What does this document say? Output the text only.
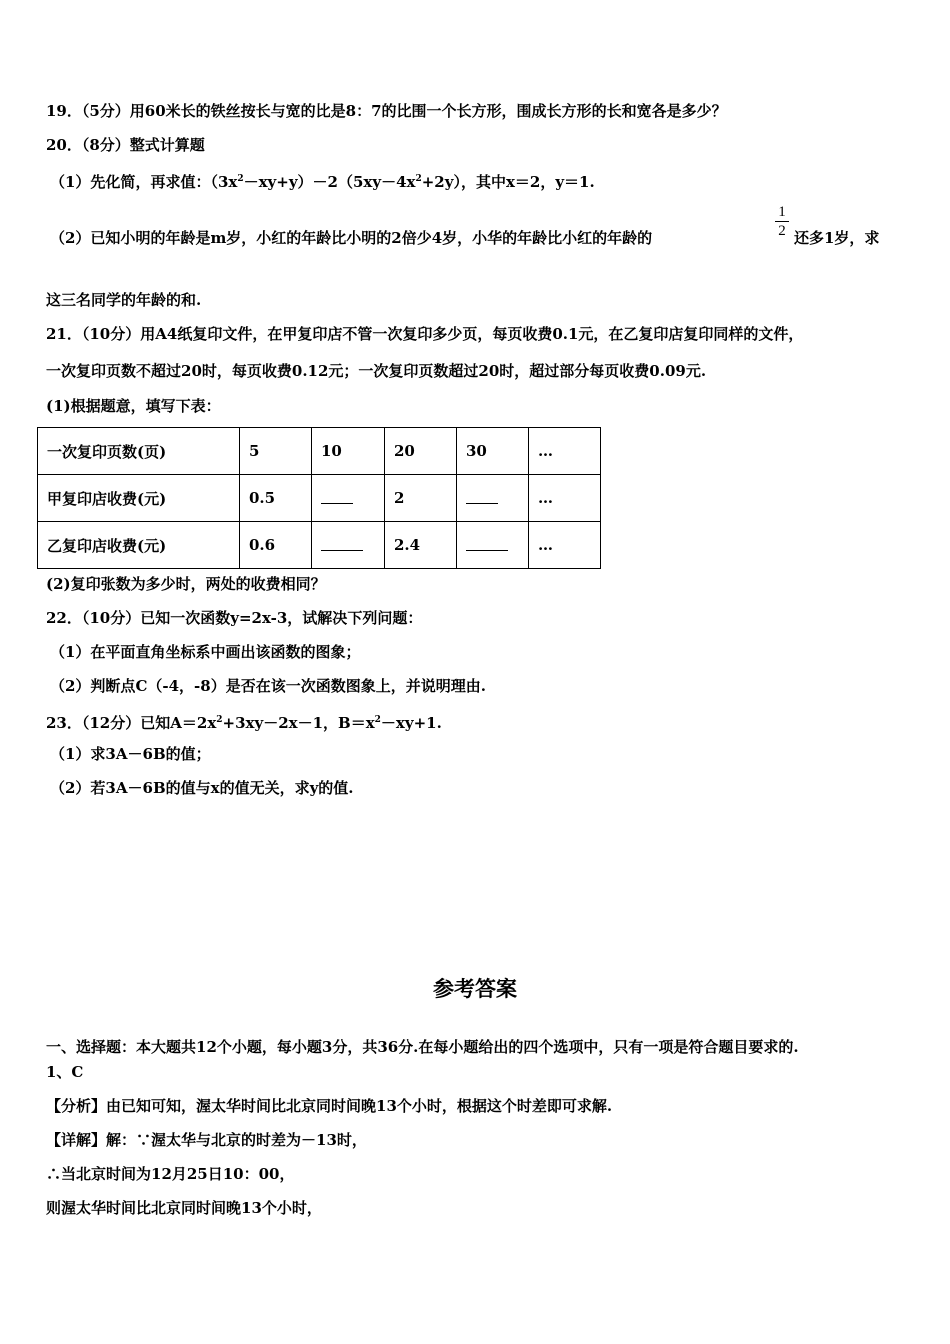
19．（5分）用60米长的铁丝按长与宽的比是8：7的比围一个长方形，围成长方形的长和宽各是多少？
20．（8分）整式计算题
（1）先化简，再求值：$(3x^2-xy+y)-2(5xy-4x^2+2y)$，其中x＝2，y＝1.
（2）已知小明的年龄是m岁，小红的年龄比小明的2倍少4岁，小华的年龄比小红的年龄的
1
2 还多1岁，求
这三名同学的年龄的和.
21．（10分）用A4纸复印文件，在甲复印店不管一次复印多少页，每页收费0.1元，在乙复印店复印同样的文件，
一次复印页数不超过20时，每页收费0.12元；一次复印页数超过20时，超过部分每页收费0.09元.
(1)根据题意，填写下表：
一次复印页数(页)	5	10	20	30	…
甲复印店收费(元)	0.5		2		…
乙复印店收费(元)	0.6		2.4		…
(2)复印张数为多少时，两处的收费相同？
22．（10分）已知一次函数y=2x-3，试解决下列问题：
（1）在平面直角坐标系中画出该函数的图象；
（2）判断点C（-4，-8）是否在该一次函数图象上，并说明理由.
23．（12分）已知$A=2x^2+3xy-2x-1$，$B=x^2-xy+1$.
（1）求3A－6B的值；
（2）若3A－6B的值与x的值无关，求y的值.
参考答案
一、选择题：本大题共12个小题，每小题3分，共36分.在每小题给出的四个选项中，只有一项是符合题目要求的.
1、C
【分析】由已知可知，渥太华时间比北京同时间晚13个小时，根据这个时差即可求解.
【详解】解：∵渥太华与北京的时差为－13时，
∴当北京时间为12月25日10：00，
则渥太华时间比北京同时间晚13个小时，
